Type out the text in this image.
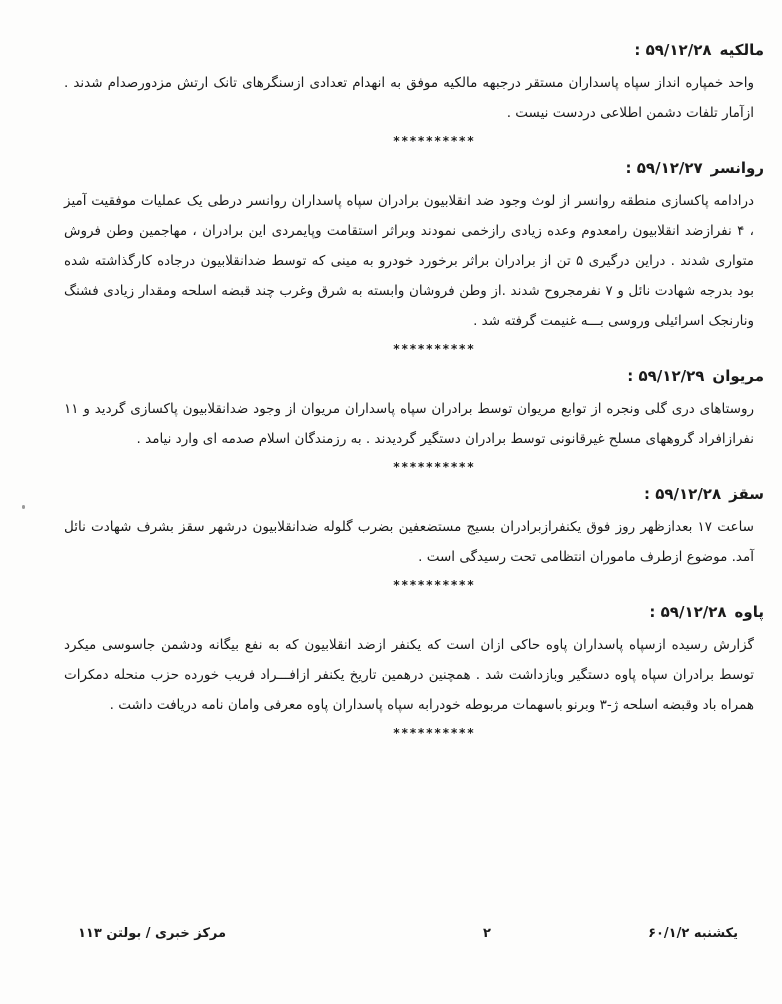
مالکیه۵۹/۱۲/۲۸ :

واحد خمپاره انداز سپاه پاسداران مستقر درجبهه مالکیه موفق به انهدام تعدادی ازسنگرهای تانک ارتش مزدورصدام شدند . ازآمار تلفات دشمن اطلاعی دردست نیست .

**********

روانسر۵۹/۱۲/۲۷ :

درادامه پاکسازی منطقه روانسر از لوث وجود ضد انقلابیون برادران سپاه پاسداران روانسر درطی یک عملیات موفقیت آمیز ، ۴ نفرازضد انقلابیون رامعدوم وعده زیادی رازخمی نمودند وبراثر استقامت وپایمردی این برادران ، مهاجمین وطن فروش متواری شدند . دراین درگیری ۵ تن از برادران براثر برخورد خودرو به مینی که توسط ضدانقلابیون درجاده کارگذاشته شده بود بدرجه شهادت نائل و ۷ نفرمجروح شدند .از وطن فروشان وابسته به شرق وغرب چند قبضه اسلحه ومقدار زیادی فشنگ ونارنجک اسرائیلی وروسی بـــه غنیمت گرفته شد .

**********

مریوان۵۹/۱۲/۲۹ :

روستاهای دری گلی ونجره از توابع مریوان توسط برادران سپاه پاسداران مریوان از وجود ضدانقلابیون پاکسازی گردید و ۱۱ نفرازافراد گروههای مسلح غیرقانونی توسط برادران دستگیر گردیدند . به رزمندگان اسلام صدمه ای وارد نیامد .

**********

سقز۵۹/۱۲/۲۸ :

ساعت ۱۷ بعدازظهر روز فوق یکنفرازبرادران بسیج مستضعفین بضرب گلوله ضدانقلابیون درشهر سقز بشرف شهادت نائل آمد. موضوع ازطرف ماموران انتظامی تحت رسیدگی است .

**********

پاوه۵۹/۱۲/۲۸ :

گزارش رسیده ازسپاه پاسداران پاوه حاکی ازان است که یکنفر ازضد انقلابیون که به نفع بیگانه ودشمن جاسوسی میکرد توسط برادران سپاه پاوه دستگیر وبازداشت شد . همچنین درهمین تاریخ یکنفر ازافـــراد فریب خورده حزب منحله دمکرات همراه باد وقبضه اسلحه ژ-۳ وبرنو باسهمات مربوطه خودرابه سپاه پاسداران پاوه معرفی وامان نامه دریافت داشت .

**********
مرکز خبری / بولتن ۱۱۳	۲	یکشنبه ۶۰/۱/۲
